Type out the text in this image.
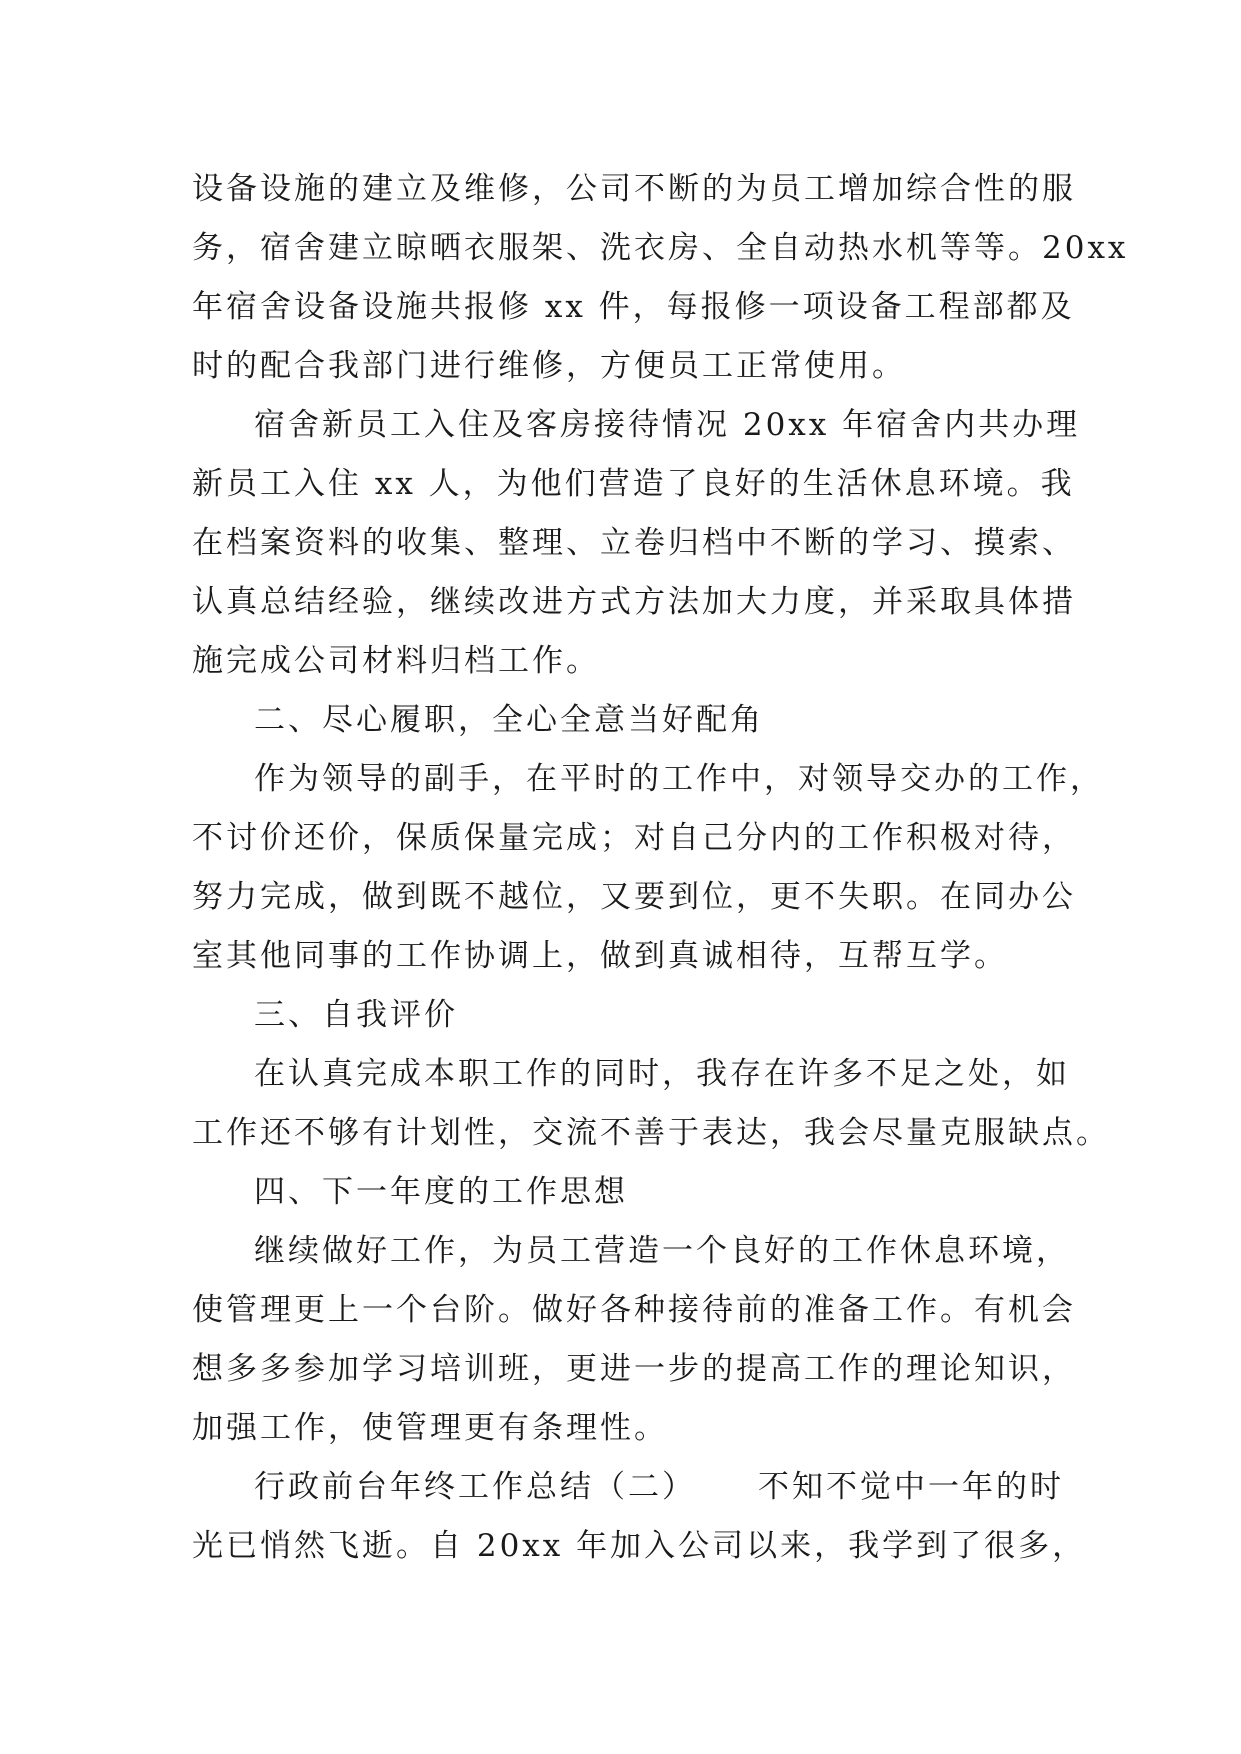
设备设施的建立及维修，公司不断的为员工增加综合性的服
务，宿舍建立晾晒衣服架、洗衣房、全自动热水机等等。20xx
年宿舍设备设施共报修 xx 件，每报修一项设备工程部都及
时的配合我部门进行维修，方便员工正常使用。

宿舍新员工入住及客房接待情况 20xx 年宿舍内共办理
新员工入住 xx 人，为他们营造了良好的生活休息环境。我
在档案资料的收集、整理、立卷归档中不断的学习、摸索、
认真总结经验，继续改进方式方法加大力度，并采取具体措
施完成公司材料归档工作。

二、尽心履职，全心全意当好配角

作为领导的副手，在平时的工作中，对领导交办的工作，
不讨价还价，保质保量完成；对自己分内的工作积极对待，
努力完成，做到既不越位，又要到位，更不失职。在同办公
室其他同事的工作协调上，做到真诚相待，互帮互学。

三、自我评价

在认真完成本职工作的同时，我存在许多不足之处，如
工作还不够有计划性，交流不善于表达，我会尽量克服缺点。

四、下一年度的工作思想

继续做好工作，为员工营造一个良好的工作休息环境，
使管理更上一个台阶。做好各种接待前的准备工作。有机会
想多多参加学习培训班，更进一步的提高工作的理论知识，
加强工作，使管理更有条理性。

行政前台年终工作总结（二） 不知不觉中一年的时
光已悄然飞逝。自 20xx 年加入公司以来，我学到了很多，
